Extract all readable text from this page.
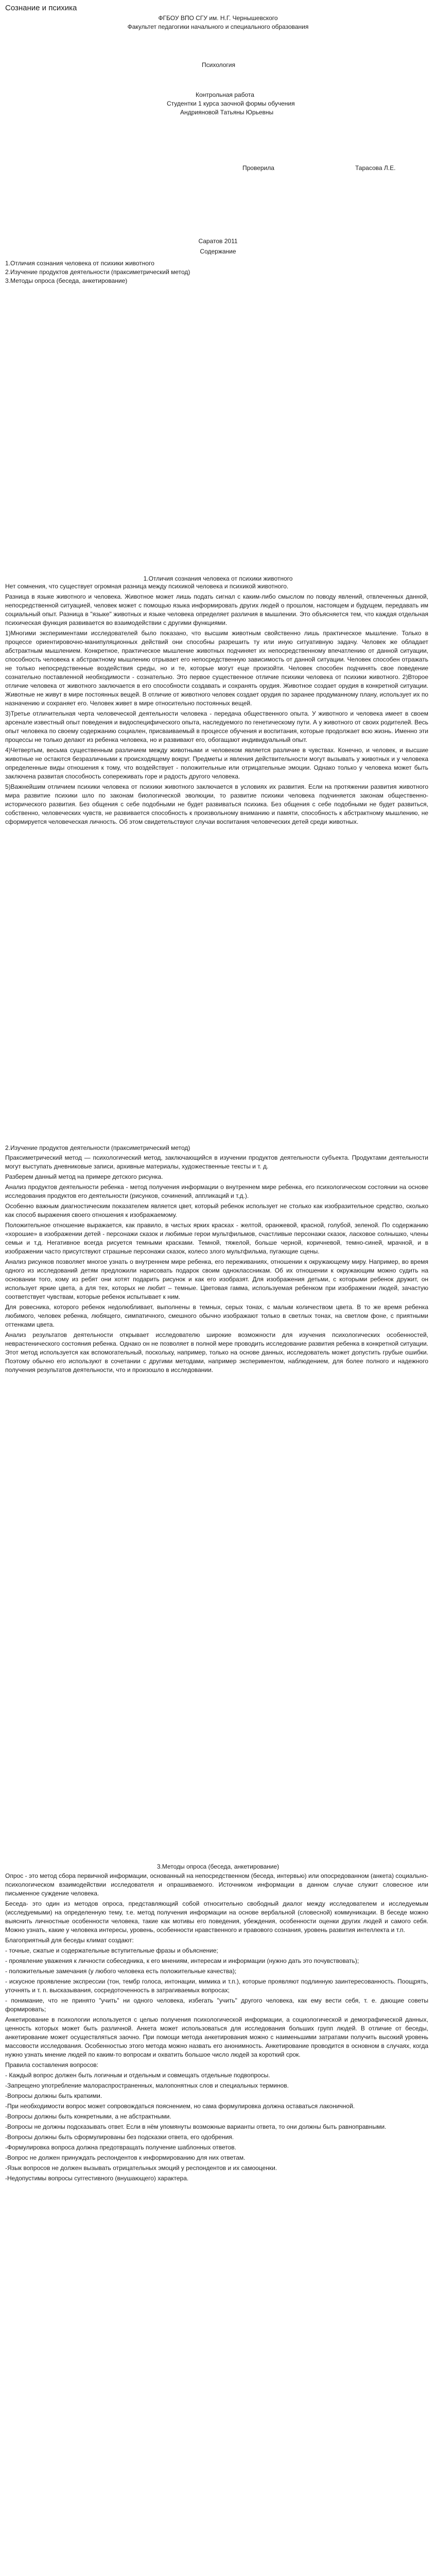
Сознание и психика

ФГБОУ ВПО СГУ им. Н.Г. Чернышевского

Факультет педагогики начального и специального образования

Психология

Контрольная работа

Студентки 1 курса заочной формы обучения

Андрияновой Татьяны Юрьевны

Проверила	Тарасова Л.Е.

Саратов 2011

Содержание

1.Отличия сознания человека от психики животного

2.Изучение продуктов деятельности (праксиметрический метод)

3.Методы опроса (беседа, анкетирование)

1.Отличия сознания человека от психики животного

Нет сомнения, что существует огромная разница между психикой человека и психикой животного.

Разница в языке животного и человека. Животное может лишь подать сигнал с каким-либо смыслом по поводу явлений, отвлеченных данной, непосредственной ситуацией, человек может с помощью языка информировать других людей о прошлом, настоящем и будущем, передавать им социальный опыт. Разница в "языке" животных и языке человека определяет различия в мышлении. Это объясняется тем, что каждая отдельная психическая функция развивается во взаимодействии с другими функциями.

1)Многими экспериментами исследователей было показано, что высшим животным свойственно лишь практическое мышление. Только в процессе ориентировочно-манипуляционных действий они способны разрешить ту или иную ситуативную задачу. Человек же обладает абстрактным мышлением. Конкретное, практическое мышление животных подчиняет их непосредственному впечатлению от данной ситуации, способность человека к абстрактному мышлению отрывает его непосредственную зависимость от данной ситуации. Человек способен отражать не только непосредственные воздействия среды, но и те, которые могут еще произойти. Человек способен подчинять свое поведение сознательно поставленной необходимости - сознательно. Это первое существенное отличие психики человека от психики животного. 2)Второе отличие человека от животного заключается в его способности создавать и сохранять орудия. Животное создает орудия в конкретной ситуации. Животные не живут в мире постоянных вещей. В отличие от животного человек создает орудия по заранее продуманному плану, использует их по назначению и сохраняет его. Человек живет в мире относительно постоянных вещей.

3)Третье отличительная черта человеческой деятельности человека - передача общественного опыта. У животного и человека имеет в своем арсенале известный опыт поведения и видоспецифического опыта, наследуемого по генетическому пути. А у животного от своих родителей. Весь опыт человека по своему содержанию социален, присваиваемый в процессе обучения и воспитания, которые продолжает всю жизнь. Именно эти процессы не только делают из ребенка человека, но и развивают его, обогащают индивидуальный опыт.

4)Четвертым, весьма существенным различием между животными и человеком является различие в чувствах. Конечно, и человек, и высшие животные не остаются безразличными к происходящему вокруг. Предметы и явления действительности могут вызывать у животных и у человека определенные виды отношения к тому, что воздействует - положительные или отрицательные эмоции. Однако только у человека может быть заключена развитая способность сопереживать горе и радость другого человека.

5)Важнейшим отличием психики человека от психики животного заключается в условиях их развития. Если на протяжении развития животного мира развитие психики шло по законам биологической эволюции, то развитие психики человека подчиняется законам общественно-исторического развития. Без общения с себе подобными не будет развиваться психика. Без общения с себе подобными не будет развиться, собственно, человеческих чувств, не развивается способность к произвольному вниманию и памяти, способность к абстрактному мышлению, не сформируется человеческая личность. Об этом свидетельствуют случаи воспитания человеческих детей среди животных.

2.Изучение продуктов деятельности (праксиметрический метод)

Праксиметрический метод — психологический метод, заключающийся в изучении продуктов деятельности субъекта. Продуктами деятельности могут выступать дневниковые записи, архивные материалы, художественные тексты и т. д.

Разберем данный метод на примере детского рисунка.

Анализ продуктов деятельности ребенка - метод получения информации о внутреннем мире ребенка, его психологическом состоянии на основе исследования продуктов его деятельности (рисунков, сочинений, аппликаций и т.д.).

Особенно важным диагностическим показателем является цвет, который ребенок использует не столько как изобразительное средство, сколько как способ выражения своего отношения к изображаемому.

Положительное отношение выражается, как правило, в чистых ярких красках - желтой, оранжевой, красной, голубой, зеленой. По содержанию «хорошие» в изображении детей - персонажи сказок и любимые герои мультфильмов, счастливые персонажи сказок, ласковое солнышко, члены семьи и т.д. Негативное всегда рисуется темными красками. Темной, тяжелой, больше черной, коричневой, темно-синей, мрачной, и в изображении часто присутствуют страшные персонажи сказок, колесо злого мультфильма, пугающие сцены.

Анализ рисунков позволяет многое узнать о внутреннем мире ребенка, его переживаниях, отношении к окружающему миру. Например, во время одного из исследований детям предложили нарисовать подарок своим одноклассникам. Об их отношении к окружающим можно судить на основании того, кому из ребят они хотят подарить рисунок и как его изобразят. Для изображения детьми, с которыми ребенок дружит, он использует яркие цвета, а для тех, которых не любит – темные. Цветовая гамма, используемая ребенком при изображении людей, зачастую соответствует чувствам, которые ребенок испытывает к ним.

Для ровесника, которого ребенок недолюбливает, выполнены в темных, серых тонах, с малым количеством цвета. В то же время ребенка любимого, человек ребенка, любящего, симпатичного, смешного обычно изображают только в светлых тонах, на светлом фоне, с приятными оттенками цвета.

Анализ результатов деятельности открывает исследователю широкие возможности для изучения психологических особенностей, неврастенического состояния ребенка. Однако он не позволяет в полной мере проводить исследование развития ребенка в конкретной ситуации. Этот метод используется как вспомогательный, поскольку, например, только на основе данных, исследователь может допустить грубые ошибки. Поэтому обычно его используют в сочетании с другими методами, например экспериментом, наблюдением, для более полного и надежного получения результатов деятельности, что и произошло в исследовании.

3.Методы опроса (беседа, анкетирование)

Опрос - это метод сбора первичной информации, основанный на непосредственном (беседа, интервью) или опосредованном (анкета) социально-психологическом взаимодействии исследователя и опрашиваемого. Источником информации в данном случае служит словесное или письменное суждение человека.

Беседа- это один из методов опроса, представляющий собой относительно свободный диалог между исследователем и исследуемым (исследуемыми) на определенную тему, т.е. метод получения информации на основе вербальной (словесной) коммуникации. В беседе можно выяснить личностные особенности человека, такие как мотивы его поведения, убеждения, особенности оценки других людей и самого себя. Можно узнать, какие у человека интересы, уровень, особенности нравственного и правового сознания, уровень развития интеллекта и т.п.

Благоприятный для беседы климат создают:

- точные, сжатые и содержательные вступительные фразы и объяснение;

- проявление уважения к личности собеседника, к его мнениям, интересам и информации (нужно дать это почувствовать);

- положительные замечания (у любого человека есть положительные качества);

- искусное проявление экспрессии (тон, тембр голоса, интонации, мимика и т.п.), которые проявляют подлинную заинтересованность. Поощрять, уточнять и т. п. высказывания, сосредоточенность в затрагиваемых вопросах;

- понимание, что не принято "учить" ни одного человека, избегать "учить" другого человека, как ему вести себя, т. е. дающие советы формировать;

Анкетирование в психологии используется с целью получения психологической информации, а социологической и демографической данных, ценность которых может быть различной. Анкета может использоваться для исследования больших групп людей. В отличие от беседы, анкетирование может осуществляться заочно. При помощи метода анкетирования можно с наименьшими затратами получить высокий уровень массовости исследования. Особенностью этого метода можно назвать его анонимность. Анкетирование проводится в основном в случаях, когда нужно узнать мнение людей по каким-то вопросам и охватить большое число людей за короткий срок.

Правила составления вопросов:

- Каждый вопрос должен быть логичным и отдельным и совмещать отдельные подвопросы.

-Запрещено употребление малораспространенных, малопонятных слов и специальных терминов.

-Вопросы должны быть краткими.

-При необходимости вопрос может сопровождаться пояснением, но сама формулировка должна оставаться лаконичной.

-Вопросы должны быть конкретными, а не абстрактными.

-Вопросы не должны подсказывать ответ. Если в нём упомянуты возможные варианты ответа, то они должны быть равноправными.

-Вопросы должны быть сформулированы без подсказки ответа, его одобрения.

-Формулировка вопроса должна предотвращать получение шаблонных ответов.

-Вопрос не должен принуждать респондентов к информированию для них ответам.

-Язык вопросов не должен вызывать отрицательных эмоций у респондентов и их самооценки.

-Недопустимы вопросы суггестивного (внушающего) характера.
